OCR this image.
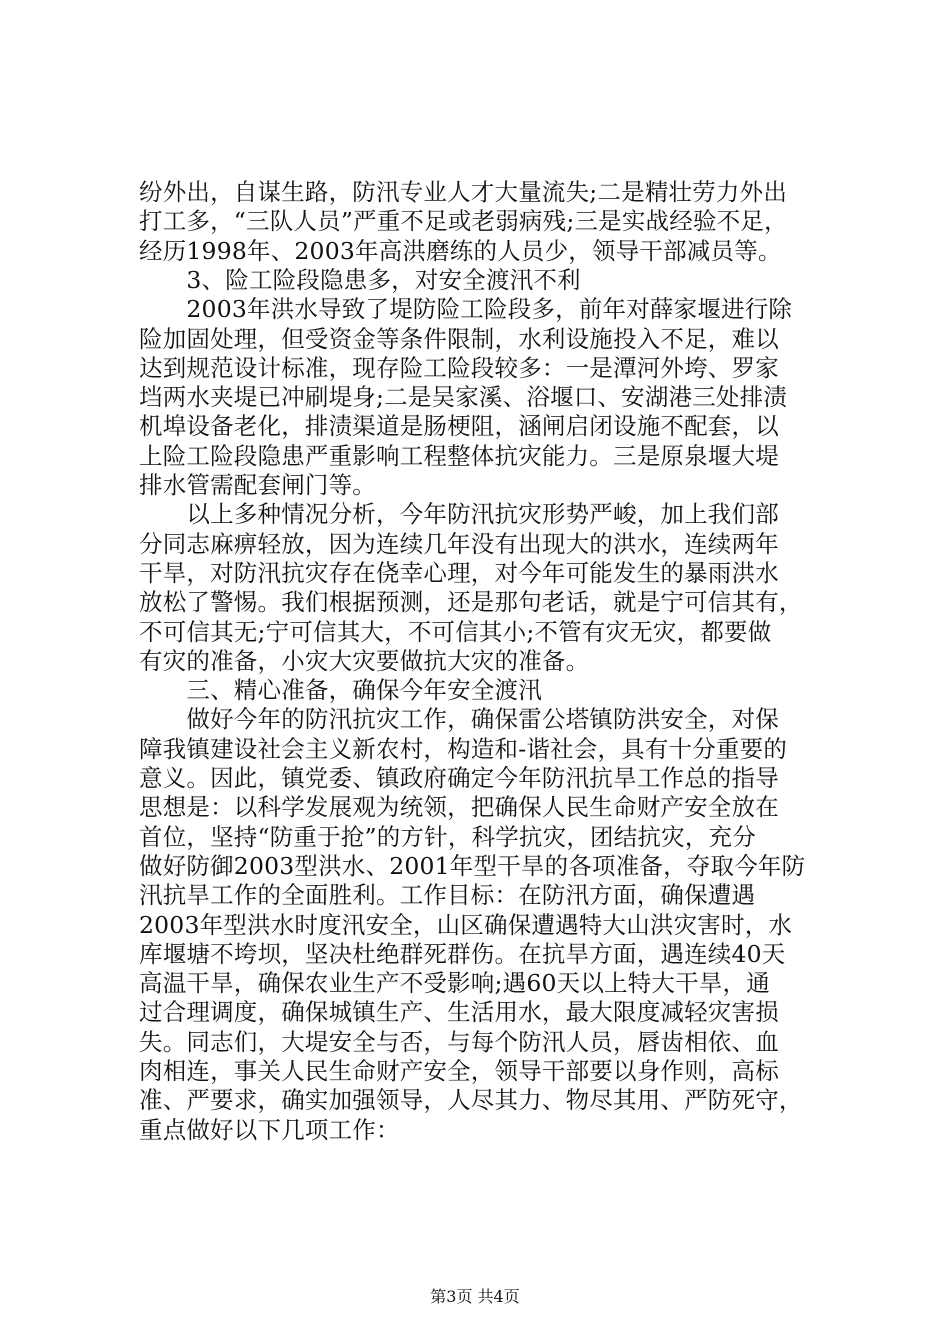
纷外出，自谋生路，防汛专业人才大量流失;二是精壮劳力外出
打工多，“三队人员”严重不足或老弱病残;三是实战经验不足，
经历1998年、2003年高洪磨练的人员少，领导干部减员等。
　　3、险工险段隐患多，对安全渡汛不利
　　2003年洪水导致了堤防险工险段多，前年对薛家堰进行除
险加固处理，但受资金等条件限制，水利设施投入不足，难以
达到规范设计标准，现存险工险段较多：一是潭河外垮、罗家
垱两水夹堤已冲刷堤身;二是吴家溪、浴堰口、安湖港三处排渍
机埠设备老化，排渍渠道是肠梗阻，涵闸启闭设施不配套，以
上险工险段隐患严重影响工程整体抗灾能力。三是原泉堰大堤
排水管需配套闸门等。
　　以上多种情况分析，今年防汛抗灾形势严峻，加上我们部
分同志麻痹轻放，因为连续几年没有出现大的洪水，连续两年
干旱，对防汛抗灾存在侥幸心理，对今年可能发生的暴雨洪水
放松了警惕。我们根据预测，还是那句老话，就是宁可信其有，
不可信其无;宁可信其大，不可信其小;不管有灾无灾，都要做
有灾的准备，小灾大灾要做抗大灾的准备。
　　三、精心准备，确保今年安全渡汛
　　做好今年的防汛抗灾工作，确保雷公塔镇防洪安全，对保
障我镇建设社会主义新农村，构造和-谐社会，具有十分重要的
意义。因此，镇党委、镇政府确定今年防汛抗旱工作总的指导
思想是：以科学发展观为统领，把确保人民生命财产安全放在
首位，坚持“防重于抢”的方针，科学抗灾，团结抗灾，充分
做好防御2003型洪水、2001年型干旱的各项准备，夺取今年防
汛抗旱工作的全面胜利。工作目标：在防汛方面，确保遭遇
2003年型洪水时度汛安全，山区确保遭遇特大山洪灾害时，水
库堰塘不垮坝，坚决杜绝群死群伤。在抗旱方面，遇连续40天
高温干旱，确保农业生产不受影响;遇60天以上特大干旱，通
过合理调度，确保城镇生产、生活用水，最大限度减轻灾害损
失。同志们，大堤安全与否，与每个防汛人员，唇齿相依、血
肉相连，事关人民生命财产安全，领导干部要以身作则，高标
准、严要求，确实加强领导，人尽其力、物尽其用、严防死守，
重点做好以下几项工作：
第3页 共4页
